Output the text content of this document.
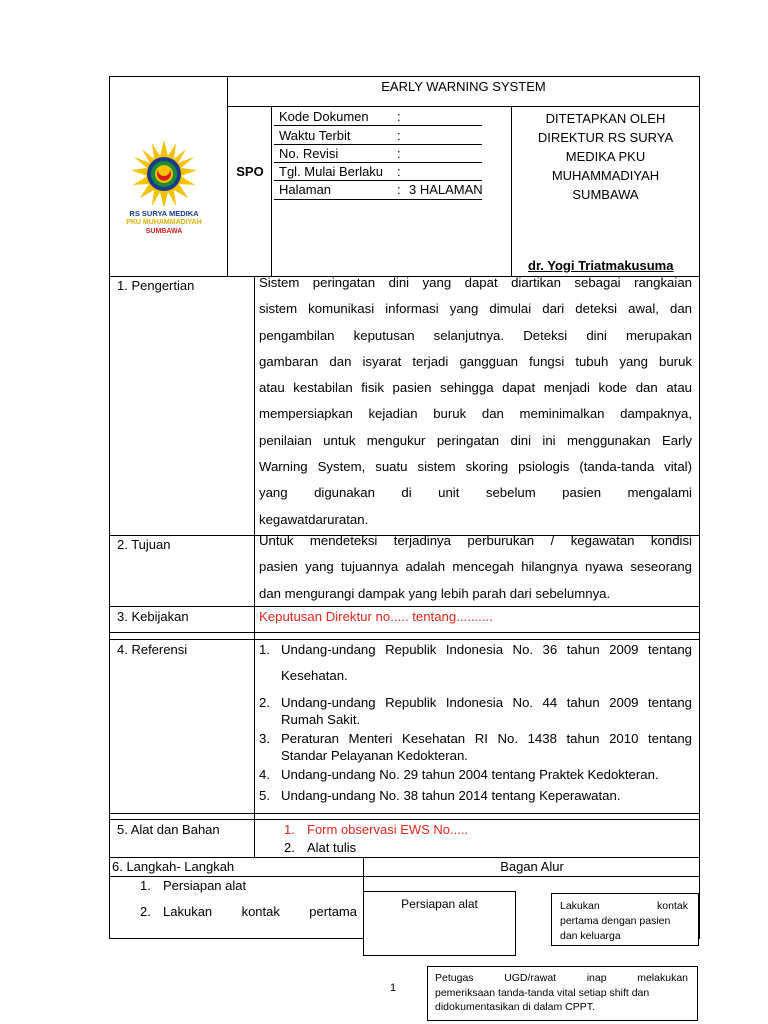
RS SURYA MEDIKA
PKU MUHAMMADIYAH
SUMBAWA
EARLY WARNING SYSTEM
SPO
Kode Dokumen :
Waktu Terbit	:
No. Revisi	:
Tgl. Mulai Berlaku :
Halaman	: 3 HALAMAN
DITETAPKAN OLEH
DIREKTUR RS SURYA
MEDIKA PKU
MUHAMMADIYAH
SUMBAWA
dr. Yogi Triatmakusuma
1. Pengertian	Sistem peringatan dini yang dapat diartikan sebagai rangkaian
sistem komunikasi informasi yang dimulai dari deteksi awal, dan
pengambilan keputusan selanjutnya. Deteksi dini merupakan
gambaran dan isyarat terjadi gangguan fungsi tubuh yang buruk
atau kestabilan fisik pasien sehingga dapat menjadi kode dan atau
mempersiapkan kejadian buruk dan meminimalkan dampaknya,
penilaian untuk mengukur peringatan dini ini menggunakan Early
Warning System, suatu sistem skoring psiologis (tanda-tanda vital)
yang digunakan di unit sebelum pasien mengalami
kegawatdaruratan.
2. Tujuan	Untuk mendeteksi terjadinya perburukan / kegawatan kondisi
pasien yang tujuannya adalah mencegah hilangnya nyawa seseorang
dan mengurangi dampak yang lebih parah dari sebelumnya.
3. Kebijakan	Keputusan Direktur no..... tentang..........
4. Referensi	1. Undang-undang Republik Indonesia No. 36 tahun 2009 tentang
Kesehatan.
2. Undang-undang Republik Indonesia No. 44 tahun 2009 tentang
Rumah Sakit.
3. Peraturan Menteri Kesehatan RI No. 1438 tahun 2010 tentang
Standar Pelayanan Kedokteran.
4. Undang-undang No. 29 tahun 2004 tentang Praktek Kedokteran.
5. Undang-undang No. 38 tahun 2014 tentang Keperawatan.
5. Alat dan Bahan	1. Form observasi EWS No.....
2. Alat tulis
6. Langkah- Langkah	Bagan Alur
1. Persiapan alat
2. Lakukan kontak pertama	Persiapan alat	Lakukan kontak
pertama dengan pasien
dan keluarga
Petugas UGD/rawat inap melakukan
pemeriksaan tanda-tanda vital setiap shift dan
didokumentasikan di dalam CPPT.
1
